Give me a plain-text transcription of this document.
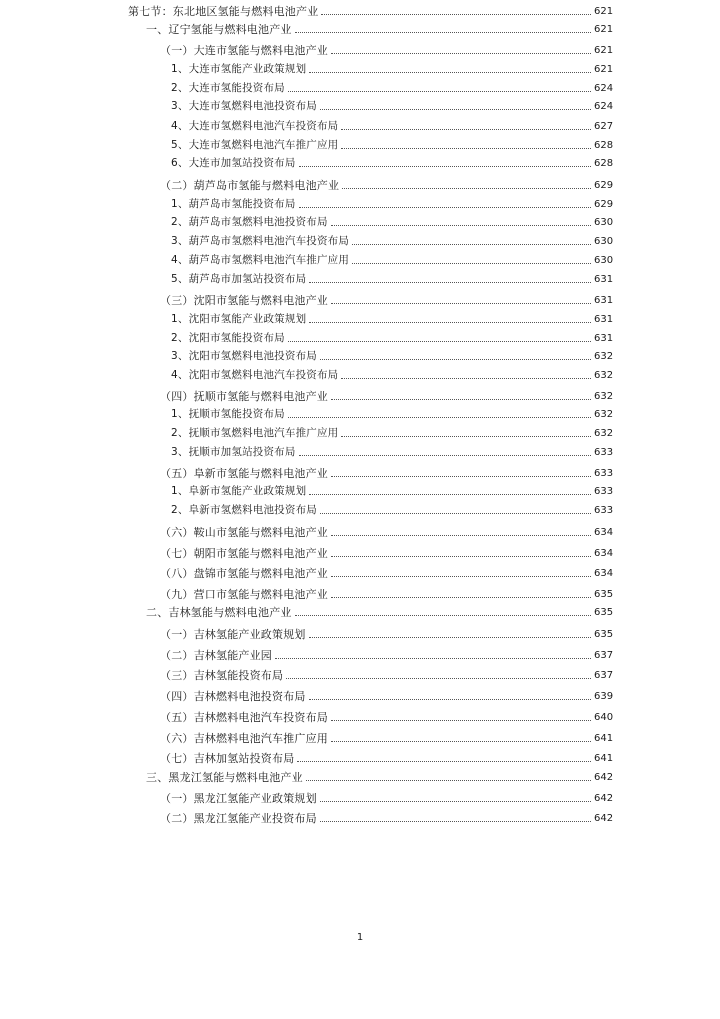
第七节：东北地区氢能与燃料电池产业	621
一、辽宁氢能与燃料电池产业	621
（一）大连市氢能与燃料电池产业	621
1、大连市氢能产业政策规划	621
2、大连市氢能投资布局	624
3、大连市氢燃料电池投资布局	624
4、大连市氢燃料电池汽车投资布局	627
5、大连市氢燃料电池汽车推广应用	628
6、大连市加氢站投资布局	628
（二）葫芦岛市氢能与燃料电池产业	629
1、葫芦岛市氢能投资布局	629
2、葫芦岛市氢燃料电池投资布局	630
3、葫芦岛市氢燃料电池汽车投资布局	630
4、葫芦岛市氢燃料电池汽车推广应用	630
5、葫芦岛市加氢站投资布局	631
（三）沈阳市氢能与燃料电池产业	631
1、沈阳市氢能产业政策规划	631
2、沈阳市氢能投资布局	631
3、沈阳市氢燃料电池投资布局	632
4、沈阳市氢燃料电池汽车投资布局	632
（四）抚顺市氢能与燃料电池产业	632
1、抚顺市氢能投资布局	632
2、抚顺市氢燃料电池汽车推广应用	632
3、抚顺市加氢站投资布局	633
（五）阜新市氢能与燃料电池产业	633
1、阜新市氢能产业政策规划	633
2、阜新市氢燃料电池投资布局	633
（六）鞍山市氢能与燃料电池产业	634
（七）朝阳市氢能与燃料电池产业	634
（八）盘锦市氢能与燃料电池产业	634
（九）营口市氢能与燃料电池产业	635
二、吉林氢能与燃料电池产业	635
（一）吉林氢能产业政策规划	635
（二）吉林氢能产业园	637
（三）吉林氢能投资布局	637
（四）吉林燃料电池投资布局	639
（五）吉林燃料电池汽车投资布局	640
（六）吉林燃料电池汽车推广应用	641
（七）吉林加氢站投资布局	641
三、黑龙江氢能与燃料电池产业	642
（一）黑龙江氢能产业政策规划	642
（二）黑龙江氢能产业投资布局	642
1
